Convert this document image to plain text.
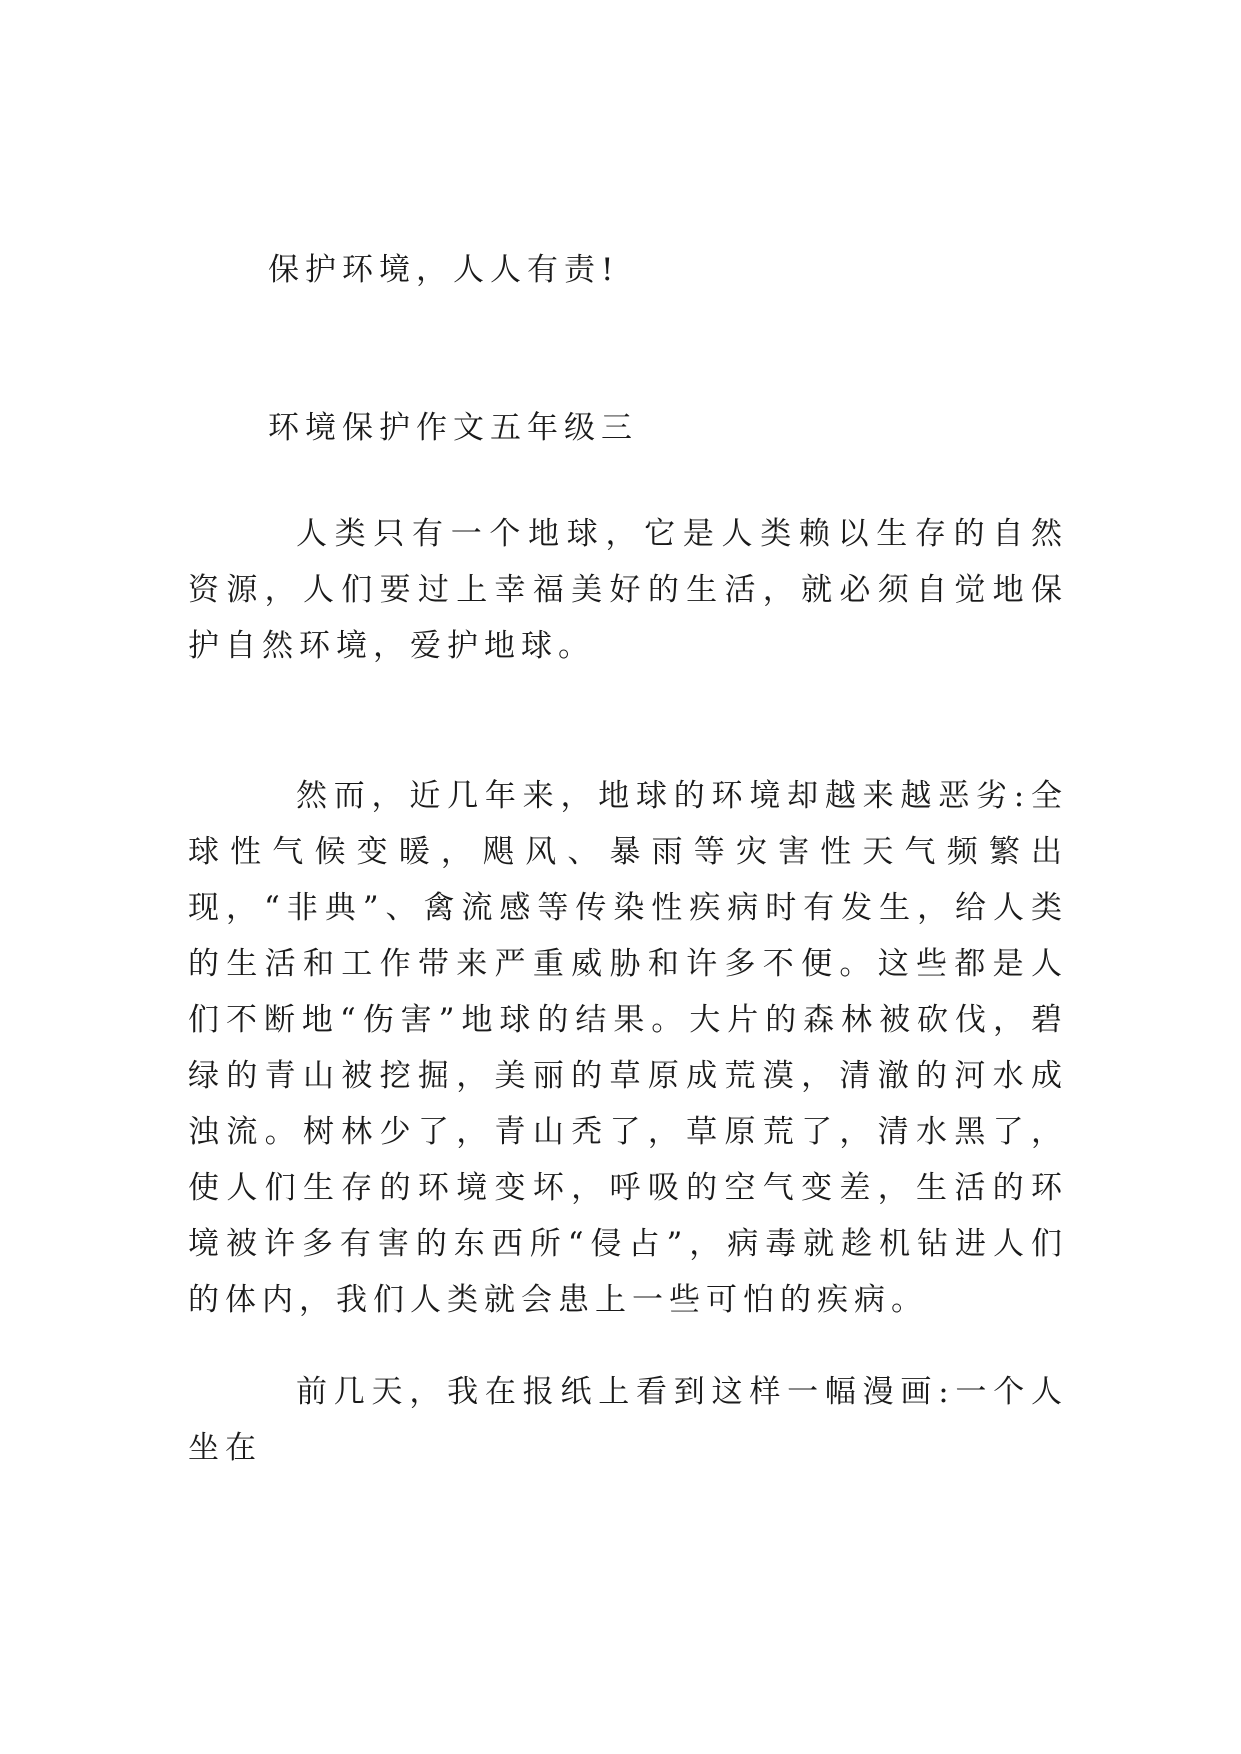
保护环境，人人有责!

环境保护作文五年级三

人类只有一个地球，它是人类赖以生存的自然资源，人们要过上幸福美好的生活，就必须自觉地保护自然环境，爱护地球。

然而，近几年来，地球的环境却越来越恶劣:全球性气候变暖，飓风、暴雨等灾害性天气频繁出现，“非典”、禽流感等传染性疾病时有发生，给人类的生活和工作带来严重威胁和许多不便。这些都是人们不断地“伤害”地球的结果。大片的森林被砍伐，碧绿的青山被挖掘，美丽的草原成荒漠，清澈的河水成浊流。树林少了，青山秃了，草原荒了，清水黑了，使人们生存的环境变坏，呼吸的空气变差，生活的环境被许多有害的东西所“侵占”，病毒就趁机钻进人们的体内，我们人类就会患上一些可怕的疾病。

前几天，我在报纸上看到这样一幅漫画:一个人坐在
